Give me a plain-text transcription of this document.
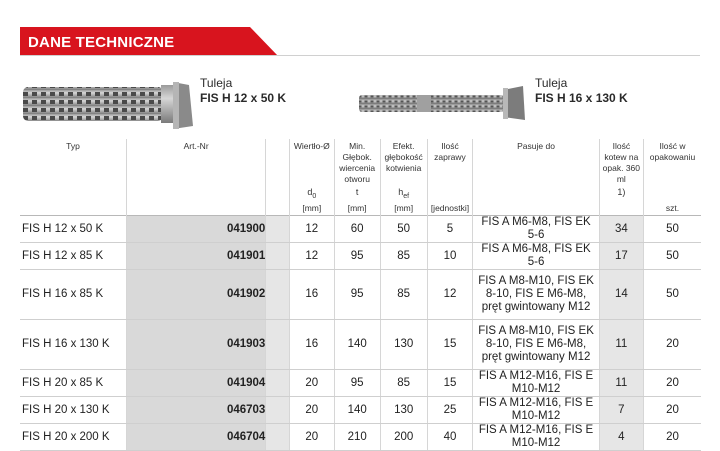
DANE TECHNICZNE
Tuleja
FIS H 12 x 50 K
Tuleja
FIS H 16 x 130 K
Typ	Art.-Nr		Wiertło-Ø	Min. Głębok. wiercenia otworu	Efekt. głębokość kotwienia	Ilość zaprawy	Pasuje do	Ilość kotew na opak. 360 ml	Ilość w opakowaniu
			$d_0$	t	$h_{ef}$			1)	
			[mm]	[mm]	[mm]	[jednostki]			szt.
FIS H 12 x 50 K	041900		12	60	50	5	FIS A M6-M8, FIS EK 5-6	34	50
FIS H 12 x 85 K	041901		12	95	85	10	FIS A M6-M8, FIS EK 5-6	17	50
FIS H 16 x 85 K	041902		16	95	85	12	FIS A M8-M10, FIS EK 8-10, FIS E M6-M8, pręt gwintowany M12	14	50
FIS H 16 x 130 K	041903		16	140	130	15	FIS A M8-M10, FIS EK 8-10, FIS E M6-M8, pręt gwintowany M12	11	20
FIS H 20 x 85 K	041904		20	95	85	15	FIS A M12-M16, FIS E M10-M12	11	20
FIS H 20 x 130 K	046703		20	140	130	25	FIS A M12-M16, FIS E M10-M12	7	20
FIS H 20 x 200 K	046704		20	210	200	40	FIS A M12-M16, FIS E M10-M12	4	20
